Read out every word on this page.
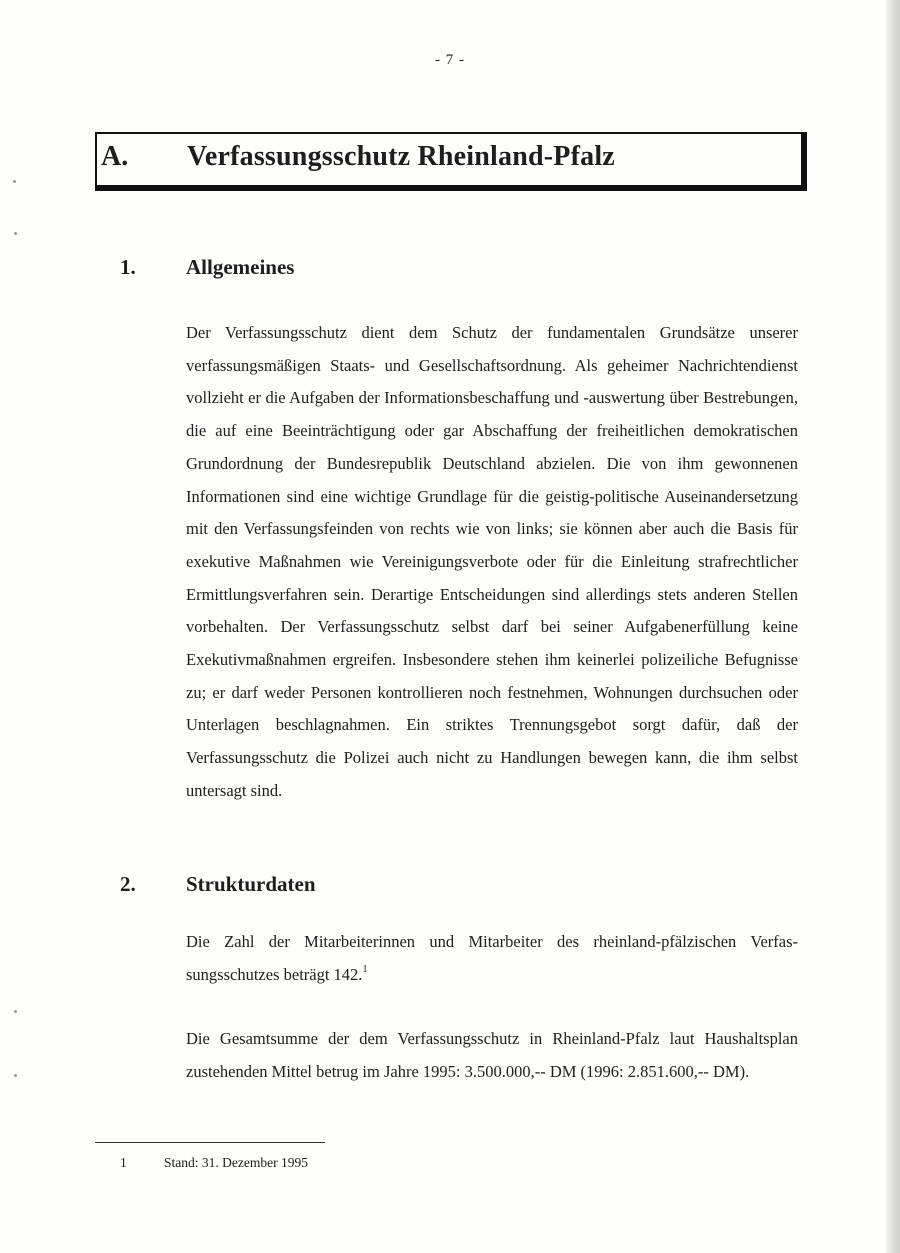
- 7 -
A. Verfassungsschutz Rheinland-Pfalz
1. Allgemeines
Der Verfassungsschutz dient dem Schutz der fundamentalen Grundsätze unserer verfassungsmäßigen Staats- und Gesellschaftsordnung. Als geheimer Nachrichtendienst vollzieht er die Aufgaben der Informationsbeschaffung und -auswertung über Bestrebungen, die auf eine Beeinträchtigung oder gar Abschaffung der freiheitlichen demokratischen Grundordnung der Bundesrepublik Deutschland abzielen. Die von ihm gewonnenen Informationen sind eine wichtige Grundlage für die geistig-politische Auseinandersetzung mit den Verfassungsfeinden von rechts wie von links; sie können aber auch die Basis für exekutive Maßnahmen wie Vereinigungsverbote oder für die Einleitung strafrechtlicher Ermittlungsverfahren sein. Derartige Entscheidungen sind allerdings stets anderen Stellen vorbehalten. Der Verfassungsschutz selbst darf bei seiner Aufgabenerfüllung keine Exekutivmaßnahmen ergreifen. Insbesondere stehen ihm keinerlei polizeiliche Befugnisse zu; er darf weder Personen kontrollieren noch festnehmen, Wohnungen durchsuchen oder Unterlagen beschlagnahmen. Ein striktes Trennungsgebot sorgt dafür, daß der Verfassungsschutz die Polizei auch nicht zu Handlungen bewegen kann, die ihm selbst untersagt sind.
2. Strukturdaten
Die Zahl der Mitarbeiterinnen und Mitarbeiter des rheinland-pfälzischen Verfassungsschutzes beträgt 142.$^1$
Die Gesamtsumme der dem Verfassungsschutz in Rheinland-Pfalz laut Haushaltsplan zustehenden Mittel betrug im Jahre 1995: 3.500.000,-- DM (1996: 2.851.600,-- DM).
1	Stand: 31. Dezember 1995
